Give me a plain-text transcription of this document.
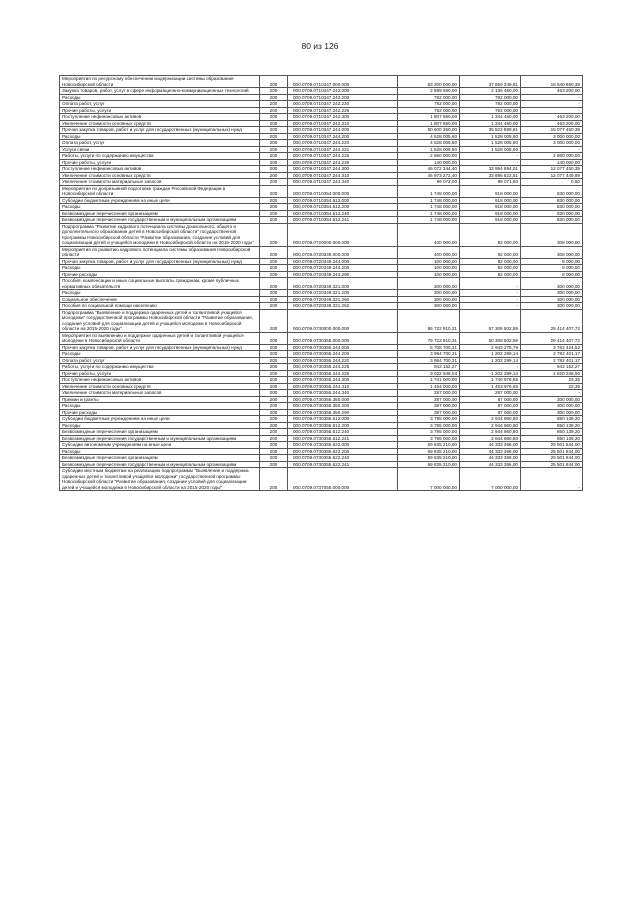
80 из 126
Мероприятия по ресурсному обеспечению модернизации системы образования Новосибирской области	200	000.0709.0710347.000.000	53 200 000,00	37 659 349,61	15 540 650,39
Закупка товаров, работ, услуг в сфере информационно-коммуникационных технологий	200	000.0709.0710347.242.000	2 599 650,00	2 136 450,00	463 200,00
Расходы	200	000.0709.0710347.242.200	792 000,00	792 000,00	-
Оплата работ, услуг	200	000.0709.0710347.242.220	792 000,00	792 000,00	-
Прочие работы, услуги	200	000.0709.0710347.242.226	792 000,00	792 000,00	-
Поступление нефинансовых активов	200	000.0709.0710347.242.300	1 807 650,00	1 344 450,00	463 200,00
Увеличение стоимости основных средств	200	000.0709.0710347.242.310	1 807 650,00	1 344 450,00	463 200,00
Прочая закупка товаров, работ и услуг для государственных (муниципальных) нужд	200	000.0709.0710347.244.000	50 600 350,00	35 522 899,61	15 077 450,39
Расходы	200	000.0709.0710347.244.200	4 528 005,60	1 528 005,60	3 000 000,00
Оплата работ, услуг	200	000.0709.0710347.244.220	4 528 005,60	1 528 005,60	3 000 000,00
Услуги связи	200	000.0709.0710347.244.221	1 528 005,60	1 528 005,60	-
Работы, услуги по содержанию имущества	200	000.0709.0710347.244.225	2 860 000,00	-	2 860 000,00
Прочие работы, услуги	200	000.0709.0710347.244.226	140 000,00	-	140 000,00
Поступление нефинансовых активов	200	000.0709.0710347.244.300	46 072 344,40	33 994 894,01	12 077 450,39
Увеличение стоимости основных средств	200	000.0709.0710347.244.310	45 973 272,40	33 895 822,51	12 077 449,89
Увеличение стоимости материальных запасов	200	000.0709.0710347.244.340	99 072,00	99 071,50	0,50
Мероприятия по допризывной подготовке граждан Российской Федерации в Новосибирской области	200	000.0709.0710354.000.000	1 748 000,00	918 000,00	830 000,00
Субсидии бюджетным учреждениям на иные цели	200	000.0709.0710354.612.000	1 748 000,00	918 000,00	830 000,00
Расходы	200	000.0709.0710354.612.200	1 748 000,00	918 000,00	830 000,00
Безвозмездные перечисления организациям	200	000.0709.0710354.612.240	1 748 000,00	918 000,00	830 000,00
Безвозмездные перечисления государственным и муниципальным организациям	200	000.0709.0710354.612.241	1 748 000,00	918 000,00	830 000,00
Подпрограмма "Развитие кадрового потенциала системы дошкольного, общего и дополнительного образования детей в Новосибирской области" государственной программы Новосибирской области "Развитие образования, создание условий для социализации детей и учащейся молодежи в Новосибирской области на 2015-2020 годы"	200	000.0709.0720000.000.000	400 000,00	92 000,00	308 000,00
Мероприятия по развитию кадрового потенциала системы образования Новосибирской области	200	000.0709.0720349.000.000	400 000,00	92 000,00	308 000,00
Прочая закупка товаров, работ и услуг для государственных (муниципальных) нужд	200	000.0709.0720349.244.000	100 000,00	92 000,00	8 000,00
Расходы	200	000.0709.0720349.244.200	100 000,00	92 000,00	8 000,00
Прочие расходы	200	000.0709.0720349.244.290	100 000,00	92 000,00	8 000,00
Пособия, компенсации и иные социальные выплаты гражданам, кроме публичных нормативных обязательств	200	000.0709.0720349.321.000	300 000,00	-	300 000,00
Расходы	200	000.0709.0720349.321.200	300 000,00	-	300 000,00
Социальное обеспечение	200	000.0709.0720349.321.260	300 000,00	-	300 000,00
Пособия по социальной помощи населению	200	000.0709.0720349.321.262	300 000,00	-	300 000,00
Подпрограмма "Выявление и поддержка одаренных детей и талантливой учащейся молодежи" государственной программы Новосибирской области "Развитие образования, создание условий для социализации детей и учащейся молодежи в Новосибирской области на 2015-2020 годы"	200	000.0709.0730000.000.000	86 722 910,31	57 308 502,59	29 414 407,72
Мероприятия по выявлению и поддержке одаренных детей и талантливой учащейся молодежи в Новосибирской области	200	000.0709.0730355.000.000	79 722 910,31	50 308 502,59	29 414 407,72
Прочая закупка товаров, работ и услуг для государственных (муниципальных) нужд	200	000.0709.0730355.244.000	5 705 700,31	2 943 275,79	2 762 424,52
Расходы	200	000.0709.0730355.244.200	3 984 700,31	1 202 299,14	2 782 401,17
Оплата работ, услуг	200	000.0709.0730355.244.220	3 984 700,31	1 202 299,14	2 782 401,17
Работы, услуги по содержанию имущества	200	000.0709.0730355.244.225	942 152,27	-	942 152,27
Прочие работы, услуги	200	000.0709.0730355.244.226	3 022 548,04	1 202 299,14	1 820 248,90
Поступление нефинансовых активов	200	000.0709.0730355.244.300	1 741 000,00	1 740 976,65	23,35
Увеличение стоимости основных средств	200	000.0709.0730355.244.310	1 454 000,00	1 453 976,65	23,35
Увеличение стоимости материальных запасов	200	000.0709.0730355.244.340	287 000,00	287 000,00	-
Премии и гранты	200	000.0709.0730355.350.000	387 000,00	87 000,00	300 000,00
Расходы	200	000.0709.0730355.350.200	387 000,00	87 000,00	300 000,00
Прочие расходы	200	000.0709.0730355.350.290	387 000,00	87 000,00	300 000,00
Субсидии бюджетным учреждениям на иные цели	200	000.0709.0730355.612.000	3 795 000,00	2 944 860,80	850 139,20
Расходы	200	000.0709.0730355.612.200	3 795 000,00	2 944 860,80	850 139,20
Безвозмездные перечисления организациям	200	000.0709.0730355.612.240	3 795 000,00	2 944 860,80	850 139,20
Безвозмездные перечисления государственным и муниципальным организациям	200	000.0709.0730355.612.241	3 795 000,00	2 944 860,80	850 139,20
Субсидии автономным учреждениям на иные цели	200	000.0709.0730355.622.000	69 835 210,00	44 333 366,00	25 501 844,00
Расходы	200	000.0709.0730355.622.200	69 835 210,00	44 333 366,00	25 501 844,00
Безвозмездные перечисления организациям	200	000.0709.0730355.622.240	69 835 210,00	44 333 366,00	25 501 844,00
Безвозмездные перечисления государственным и муниципальным организациям	200	000.0709.0730355.622.241	69 835 210,00	44 333 366,00	25 501 844,00
Субсидии местным бюджетам на реализацию подпрограммы "Выявление и поддержка одаренных детей и талантливой учащейся молодежи" государственной программы Новосибирской области "Развитие образования, создание условий для социализации детей и учащейся молодежи в Новосибирской области на 2015-2020 годы"	200	000.0709.0737055.000.000	7 000 000,00	7 000 000,00	-
